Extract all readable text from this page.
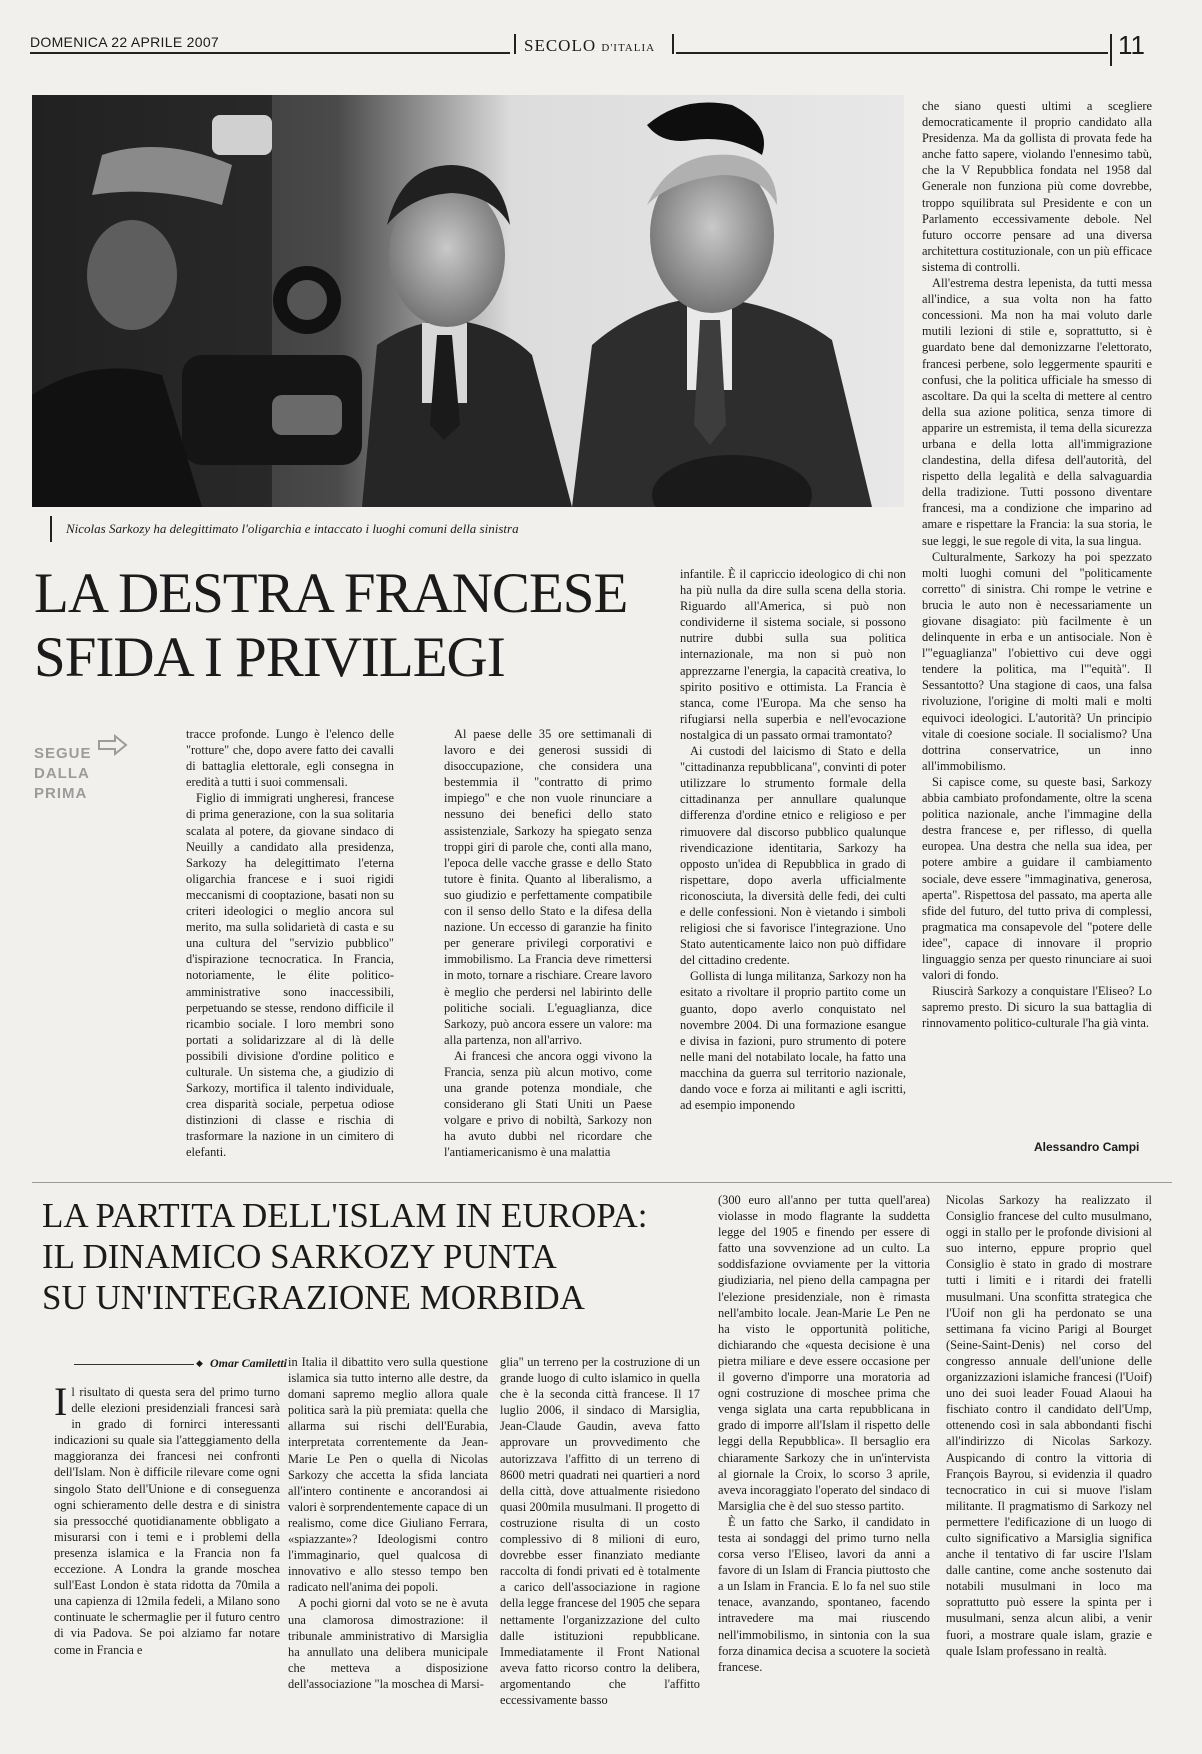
DOMENICA 22 APRILE 2007	SECOLO D'ITALIA	11
Nicolas Sarkozy ha delegittimato l'oligarchia e intaccato i luoghi comuni della sinistra
LA DESTRA FRANCESE
SFIDA I PRIVILEGI
SEGUE
DALLA
PRIMA

tracce profonde. Lungo è l'elenco delle "rotture" che, dopo avere fatto dei cavalli di battaglia elettorale, egli consegna in eredità a tutti i suoi commensali.

Figlio di immigrati ungheresi, francese di prima generazione, con la sua solitaria scalata al potere, da giovane sindaco di Neuilly a candidato alla presidenza, Sarkozy ha delegittimato l'eterna oligarchia francese e i suoi rigidi meccanismi di cooptazione, basati non su criteri ideologici o meglio ancora sul merito, ma sulla solidarietà di casta e su una cultura del "servizio pubblico" d'ispirazione tecnocratica. In Francia, notoriamente, le élite politico-amministrative sono inaccessibili, perpetuando se stesse, rendono difficile il ricambio sociale. I loro membri sono portati a solidarizzare al di là delle possibili divisione d'ordine politico e culturale. Un sistema che, a giudizio di Sarkozy, mortifica il talento individuale, crea disparità sociale, perpetua odiose distinzioni di classe e rischia di trasformare la nazione in un cimitero di elefanti.

Al paese delle 35 ore settimanali di lavoro e dei generosi sussidi di disoccupazione, che considera una bestemmia il "contratto di primo impiego" e che non vuole rinunciare a nessuno dei benefici dello stato assistenziale, Sarkozy ha spiegato senza troppi giri di parole che, conti alla mano, l'epoca delle vacche grasse e dello Stato tutore è finita. Quanto al liberalismo, a suo giudizio e perfettamente compatibile con il senso dello Stato e la difesa della nazione. Un eccesso di garanzie ha finito per generare privilegi corporativi e immobilismo. La Francia deve rimettersi in moto, tornare a rischiare. Creare lavoro è meglio che perdersi nel labirinto delle politiche sociali. L'eguaglianza, dice Sarkozy, può ancora essere un valore: ma alla partenza, non all'arrivo.

Ai francesi che ancora oggi vivono la Francia, senza più alcun motivo, come una grande potenza mondiale, che considerano gli Stati Uniti un Paese volgare e privo di nobiltà, Sarkozy non ha avuto dubbi nel ricordare che l'antiamericanismo è una malattia

infantile. È il capriccio ideologico di chi non ha più nulla da dire sulla scena della storia. Riguardo all'America, si può non condividerne il sistema sociale, si possono nutrire dubbi sulla sua politica internazionale, ma non si può non apprezzarne l'energia, la capacità creativa, lo spirito positivo e ottimista. La Francia è stanca, come l'Europa. Ma che senso ha rifugiarsi nella superbia e nell'evocazione nostalgica di un passato ormai tramontato?

Ai custodi del laicismo di Stato e della "cittadinanza repubblicana", convinti di poter utilizzare lo strumento formale della cittadinanza per annullare qualunque differenza d'ordine etnico e religioso e per rimuovere dal discorso pubblico qualunque rivendicazione identitaria, Sarkozy ha opposto un'idea di Repubblica in grado di rispettare, dopo averla ufficialmente riconosciuta, la diversità delle fedi, dei culti e delle confessioni. Non è vietando i simboli religiosi che si favorisce l'integrazione. Uno Stato autenticamente laico non può diffidare del cittadino credente.

Gollista di lunga militanza, Sarkozy non ha esitato a rivoltare il proprio partito come un guanto, dopo averlo conquistato nel novembre 2004. Di una formazione esangue e divisa in fazioni, puro strumento di potere nelle mani del notabilato locale, ha fatto una macchina da guerra sul territorio nazionale, dando voce e forza ai militanti e agli iscritti, ad esempio imponendo

che siano questi ultimi a scegliere democraticamente il proprio candidato alla Presidenza. Ma da gollista di provata fede ha anche fatto sapere, violando l'ennesimo tabù, che la V Repubblica fondata nel 1958 dal Generale non funziona più come dovrebbe, troppo squilibrata sul Presidente e con un Parlamento eccessivamente debole. Nel futuro occorre pensare ad una diversa architettura costituzionale, con un più efficace sistema di controlli.

All'estrema destra lepenista, da tutti messa all'indice, a sua volta non ha fatto concessioni. Ma non ha mai voluto darle mutili lezioni di stile e, soprattutto, si è guardato bene dal demonizzarne l'elettorato, francesi perbene, solo leggermente spauriti e confusi, che la politica ufficiale ha smesso di ascoltare. Da qui la scelta di mettere al centro della sua azione politica, senza timore di apparire un estremista, il tema della sicurezza urbana e della lotta all'immigrazione clandestina, della difesa dell'autorità, del rispetto della legalità e della salvaguardia della tradizione. Tutti possono diventare francesi, ma a condizione che imparino ad amare e rispettare la Francia: la sua storia, le sue leggi, le sue regole di vita, la sua lingua.

Culturalmente, Sarkozy ha poi spezzato molti luoghi comuni del "politicamente corretto" di sinistra. Chi rompe le vetrine e brucia le auto non è necessariamente un giovane disagiato: più facilmente è un delinquente in erba e un antisociale. Non è l'"eguaglianza" l'obiettivo cui deve oggi tendere la politica, ma l'"equità". Il Sessantotto? Una stagione di caos, una falsa rivoluzione, l'origine di molti mali e molti equivoci ideologici. L'autorità? Un principio vitale di coesione sociale. Il socialismo? Una dottrina conservatrice, un inno all'immobilismo.

Si capisce come, su queste basi, Sarkozy abbia cambiato profondamente, oltre la scena politica nazionale, anche l'immagine della destra francese e, per riflesso, di quella europea. Una destra che nella sua idea, per potere ambire a guidare il cambiamento sociale, deve essere "immaginativa, generosa, aperta". Rispettosa del passato, ma aperta alle sfide del futuro, del tutto priva di complessi, pragmatica ma consapevole del "potere delle idee", capace di innovare il proprio linguaggio senza per questo rinunciare ai suoi valori di fondo.

Riuscirà Sarkozy a conquistare l'Eliseo? Lo sapremo presto. Di sicuro la sua battaglia di rinnovamento politico-culturale l'ha già vinta.

Alessandro Campi
LA PARTITA DELL'ISLAM IN EUROPA:
IL DINAMICO SARKOZY PUNTA
SU UN'INTEGRAZIONE MORBIDA
◆ Omar Camiletti
Il risultato di questa sera del primo turno delle elezioni presidenziali francesi sarà in grado di fornirci interessanti indicazioni su quale sia l'atteggiamento della maggioranza dei francesi nei confronti dell'Islam. Non è difficile rilevare come ogni singolo Stato dell'Unione e di conseguenza ogni schieramento delle destra e di sinistra sia pressocché quotidianamente obbligato a misurarsi con i temi e i problemi della presenza islamica e la Francia non fa eccezione. A Londra la grande moschea sull'East London è stata ridotta da 70mila a una capienza di 12mila fedeli, a Milano sono continuate le schermaglie per il futuro centro di via Padova. Se poi alziamo far notare come in Francia e

in Italia il dibattito vero sulla questione islamica sia tutto interno alle destre, da domani sapremo meglio allora quale politica sarà la più premiata: quella che allarma sui rischi dell'Eurabia, interpretata correntemente da Jean-Marie Le Pen o quella di Nicolas Sarkozy che accetta la sfida lanciata all'intero continente e ancorandosi ai valori è sorprendentemente capace di un realismo, come dice Giuliano Ferrara, «spiazzante»? Ideologismi contro l'immaginario, quel qualcosa di innovativo e allo stesso tempo ben radicato nell'anima dei popoli.

A pochi giorni dal voto se ne è avuta una clamorosa dimostrazione: il tribunale amministrativo di Marsiglia ha annullato una delibera municipale che metteva a disposizione dell'associazione "la moschea di Marsi-

glia" un terreno per la costruzione di un grande luogo di culto islamico in quella che è la seconda città francese. Il 17 luglio 2006, il sindaco di Marsiglia, Jean-Claude Gaudin, aveva fatto approvare un provvedimento che autorizzava l'affitto di un terreno di 8600 metri quadrati nei quartieri a nord della città, dove attualmente risiedono quasi 200mila musulmani. Il progetto di costruzione risulta di un costo complessivo di 8 milioni di euro, dovrebbe esser finanziato mediante raccolta di fondi privati ed è totalmente a carico dell'associazione in ragione della legge francese del 1905 che separa nettamente l'organizzazione del culto dalle istituzioni repubblicane. Immediatamente il Front National aveva fatto ricorso contro la delibera, argomentando che l'affitto eccessivamente basso

(300 euro all'anno per tutta quell'area) violasse in modo flagrante la suddetta legge del 1905 e finendo per essere di fatto una sovvenzione ad un culto. La soddisfazione ovviamente per la vittoria giudiziaria, nel pieno della campagna per l'elezione presidenziale, non è rimasta nell'ambito locale. Jean-Marie Le Pen ne ha visto le opportunità politiche, dichiarando che «questa decisione è una pietra miliare e deve essere occasione per il governo d'imporre una moratoria ad ogni costruzione di moschee prima che venga siglata una carta repubblicana in grado di imporre all'Islam il rispetto delle leggi della Repubblica». Il bersaglio era chiaramente Sarkozy che in un'intervista al giornale la Croix, lo scorso 3 aprile, aveva incoraggiato l'operato del sindaco di Marsiglia che è del suo stesso partito.

È un fatto che Sarko, il candidato in testa ai sondaggi del primo turno nella corsa verso l'Eliseo, lavori da anni a favore di un Islam di Francia piuttosto che a un Islam in Francia. E lo fa nel suo stile tenace, avanzando, spontaneo, facendo intravedere ma mai riuscendo nell'immobilismo, in sintonia con la sua forza dinamica decisa a scuotere la società francese.

Nicolas Sarkozy ha realizzato il Consiglio francese del culto musulmano, oggi in stallo per le profonde divisioni al suo interno, eppure proprio quel Consiglio è stato in grado di mostrare tutti i limiti e i ritardi dei fratelli musulmani. Una sconfitta strategica che l'Uoif non gli ha perdonato se una settimana fa vicino Parigi al Bourget (Seine-Saint-Denis) nel corso del congresso annuale dell'unione delle organizzazioni islamiche francesi (l'Uoif) uno dei suoi leader Fouad Alaoui ha fischiato contro il candidato dell'Ump, ottenendo così in sala abbondanti fischi all'indirizzo di Nicolas Sarkozy. Auspicando di contro la vittoria di François Bayrou, si evidenzia il quadro tecnocratico in cui si muove l'islam militante. Il pragmatismo di Sarkozy nel permettere l'edificazione di un luogo di culto significativo a Marsiglia significa anche il tentativo di far uscire l'Islam dalle cantine, come anche sostenuto dai notabili musulmani in loco ma soprattutto può essere la spinta per i musulmani, senza alcun alibi, a venir fuori, a mostrare quale islam, grazie e quale Islam professano in realtà.
